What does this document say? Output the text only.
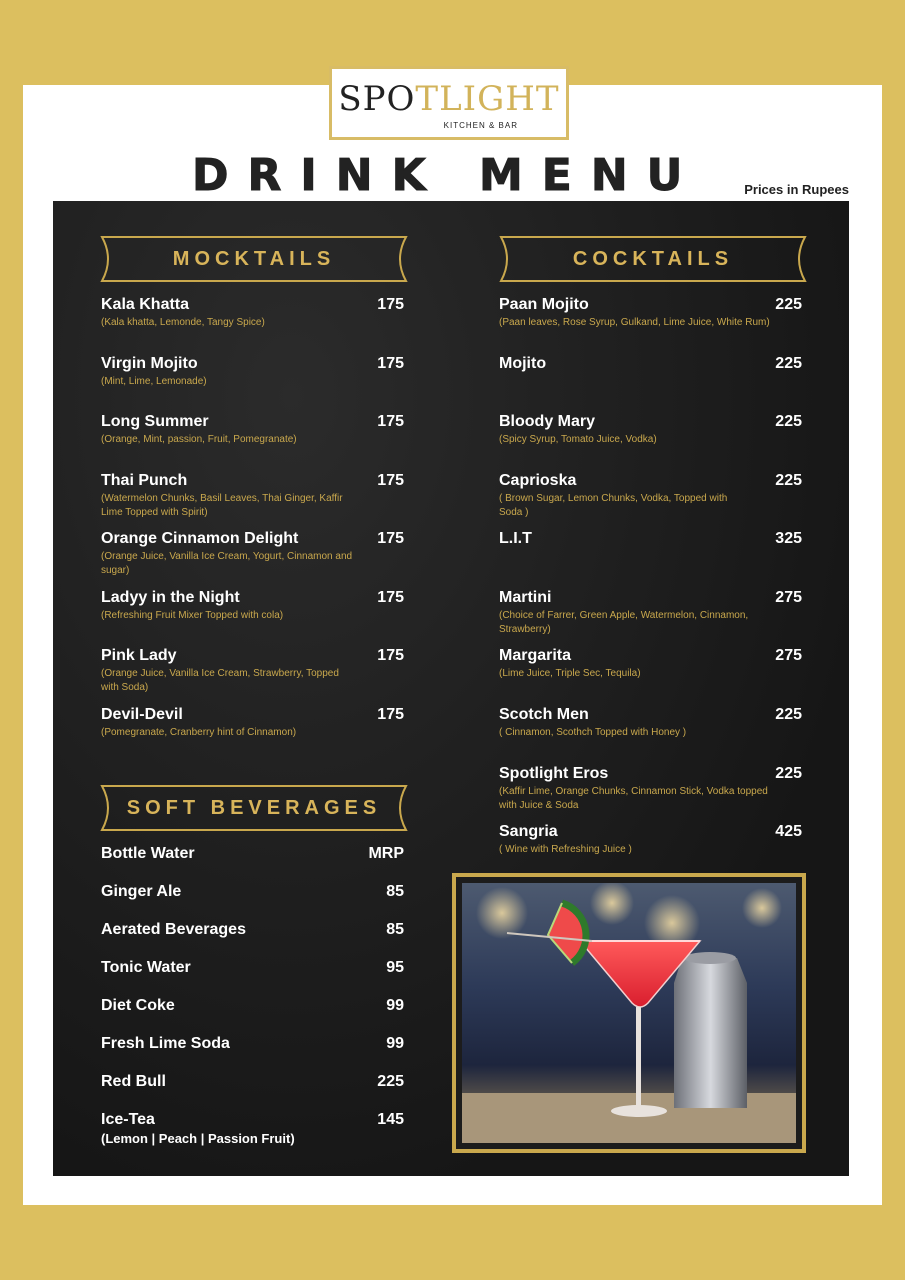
SPOTLIGHT
KITCHEN & BAR
DRINK MENU	Prices in Rupees
MOCKTAILS	COCKTAILS
SOFT BEVERAGES
Kala Khatta	175
(Kala khatta, Lemonde, Tangy Spice)
Virgin Mojito	175
(Mint, Lime, Lemonade)
Long Summer	175
(Orange, Mint, passion, Fruit, Pomegranate)
Thai Punch	175
(Watermelon Chunks, Basil Leaves, Thai Ginger, Kaffir Lime Topped with Spirit)
Orange Cinnamon Delight	175
(Orange Juice, Vanilla Ice Cream, Yogurt, Cinnamon and sugar)
Ladyy in the Night	175
(Refreshing Fruit Mixer Topped with cola)
Pink Lady	175
(Orange Juice, Vanilla Ice Cream, Strawberry, Topped with Soda)
Devil-Devil	175
(Pomegranate, Cranberry hint of Cinnamon)
Paan Mojito	225
(Paan leaves, Rose Syrup, Gulkand, Lime Juice, White Rum)
Mojito	225
Bloody Mary	225
(Spicy Syrup, Tomato Juice, Vodka)
Caprioska	225
( Brown Sugar, Lemon Chunks, Vodka, Topped with Soda )
L.I.T	325
Martini	275
(Choice of Farrer, Green Apple, Watermelon, Cinnamon, Strawberry)
Margarita	275
(Lime Juice, Triple Sec, Tequila)
Scotch Men	225
( Cinnamon, Scothch Topped with Honey )
Spotlight Eros	225
(Kaffir Lime, Orange Chunks, Cinnamon Stick, Vodka topped with Juice & Soda
Sangria	425
( Wine with Refreshing Juice )
Bottle Water	MRP
Ginger Ale	85
Aerated Beverages	85
Tonic Water	95
Diet Coke	99
Fresh Lime Soda	99
Red Bull	225
Ice-Tea	145
(Lemon | Peach | Passion Fruit)
